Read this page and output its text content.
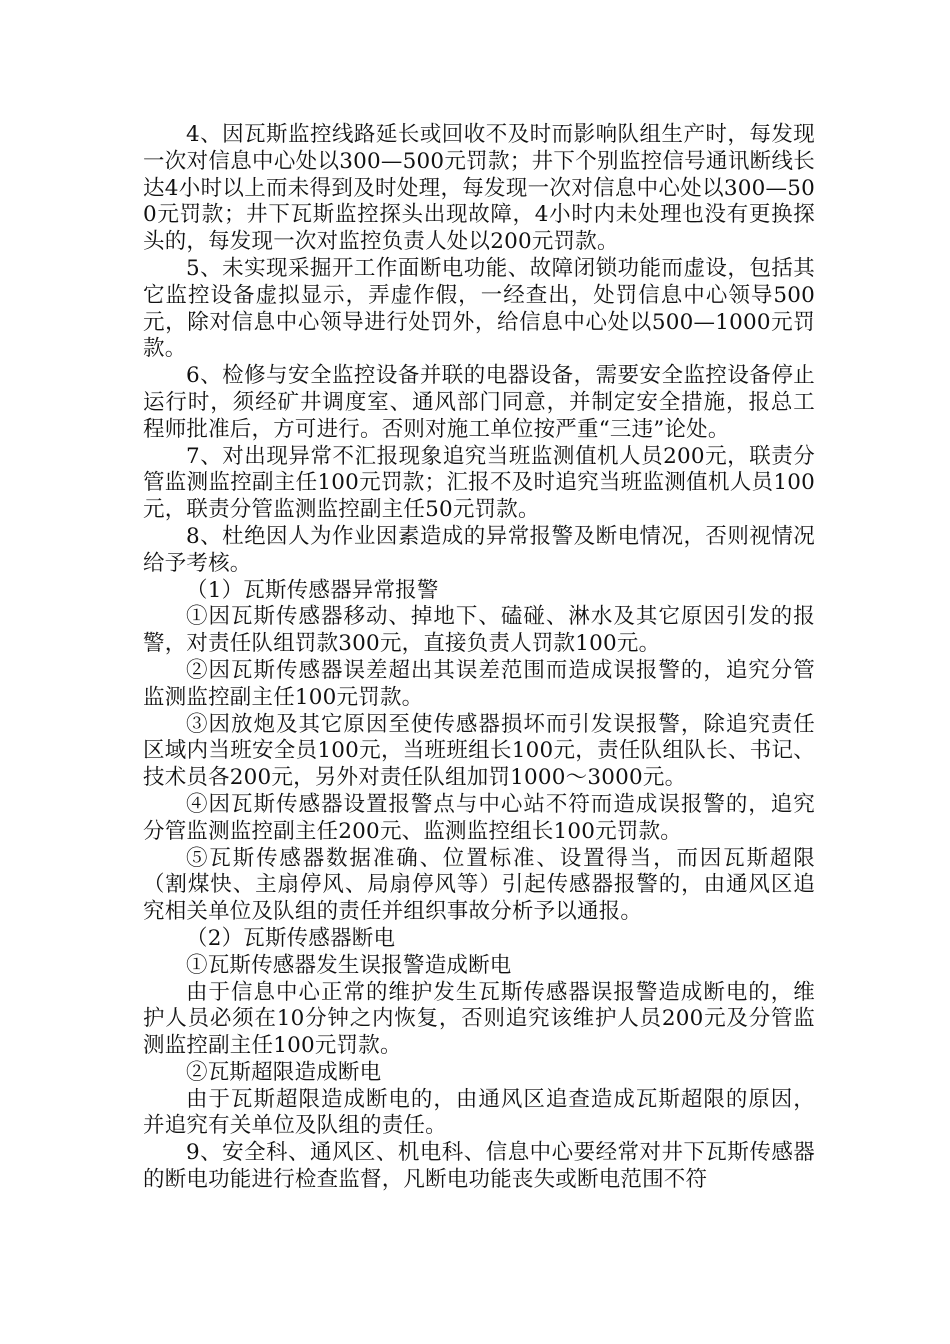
4、因瓦斯监控线路延长或回收不及时而影响队组生产时，每发现一次对信息中心处以300—500元罚款；井下个别监控信号通讯断线长达4小时以上而未得到及时处理，每发现一次对信息中心处以300—500元罚款；井下瓦斯监控探头出现故障，4小时内未处理也没有更换探头的，每发现一次对监控负责人处以200元罚款。

5、未实现采掘开工作面断电功能、故障闭锁功能而虚设，包括其它监控设备虚拟显示，弄虚作假，一经查出，处罚信息中心领导500元，除对信息中心领导进行处罚外，给信息中心处以500—1000元罚款。

6、检修与安全监控设备并联的电器设备，需要安全监控设备停止运行时，须经矿井调度室、通风部门同意，并制定安全措施，报总工程师批准后，方可进行。否则对施工单位按严重“三违”论处。

7、对出现异常不汇报现象追究当班监测值机人员200元，联责分管监测监控副主任100元罚款；汇报不及时追究当班监测值机人员100元，联责分管监测监控副主任50元罚款。

8、杜绝因人为作业因素造成的异常报警及断电情况，否则视情况给予考核。

（1）瓦斯传感器异常报警

①因瓦斯传感器移动、掉地下、磕碰、淋水及其它原因引发的报警，对责任队组罚款300元，直接负责人罚款100元。

②因瓦斯传感器误差超出其误差范围而造成误报警的，追究分管监测监控副主任100元罚款。

③因放炮及其它原因至使传感器损坏而引发误报警，除追究责任区域内当班安全员100元，当班班组长100元，责任队组队长、书记、技术员各200元，另外对责任队组加罚1000～3000元。

④因瓦斯传感器设置报警点与中心站不符而造成误报警的，追究分管监测监控副主任200元、监测监控组长100元罚款。

⑤瓦斯传感器数据准确、位置标准、设置得当，而因瓦斯超限（割煤快、主扇停风、局扇停风等）引起传感器报警的，由通风区追究相关单位及队组的责任并组织事故分析予以通报。

（2）瓦斯传感器断电

①瓦斯传感器发生误报警造成断电

由于信息中心正常的维护发生瓦斯传感器误报警造成断电的，维护人员必须在10分钟之内恢复，否则追究该维护人员200元及分管监测监控副主任100元罚款。

②瓦斯超限造成断电

由于瓦斯超限造成断电的，由通风区追查造成瓦斯超限的原因，并追究有关单位及队组的责任。

9、安全科、通风区、机电科、信息中心要经常对井下瓦斯传感器的断电功能进行检查监督，凡断电功能丧失或断电范围不符
